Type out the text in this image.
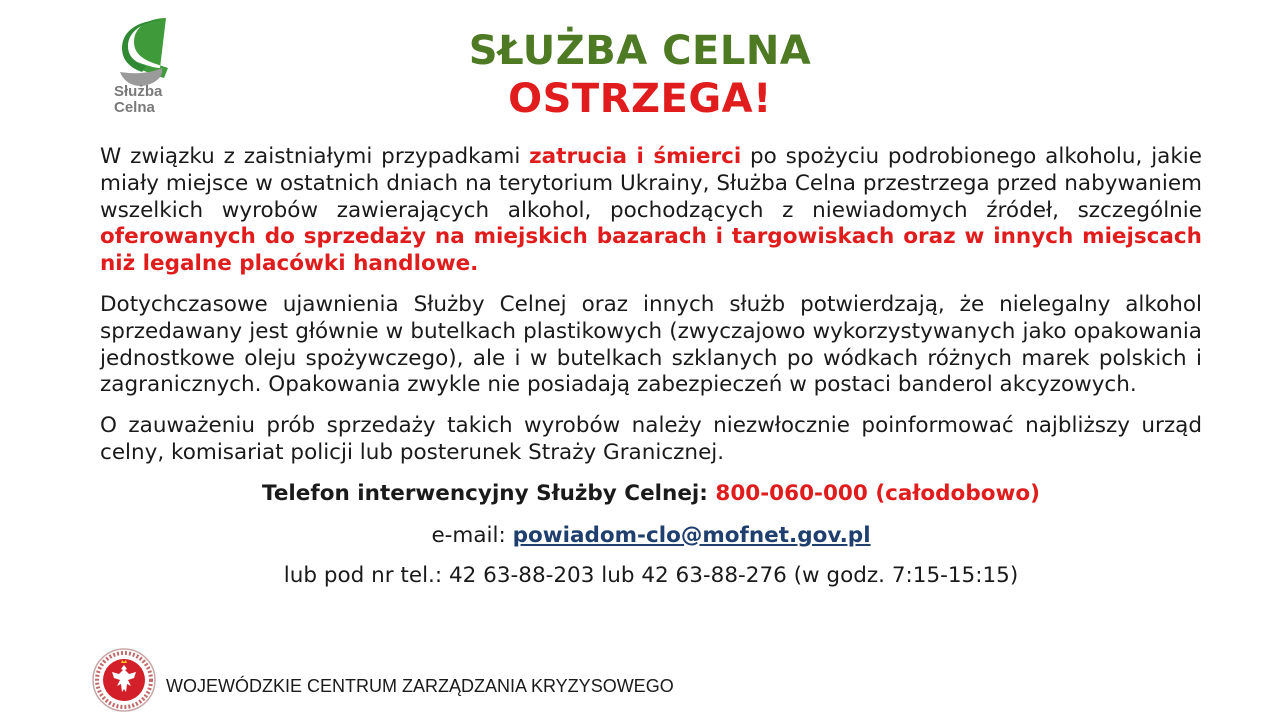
Służba
Celna
SŁUŻBA CELNA
OSTRZEGA!

W związku z zaistniałymi przypadkami zatrucia i śmierci po spożyciu podrobionego alkoholu, jakie miały miejsce w ostatnich dniach na terytorium Ukrainy, Służba Celna przestrzega przed nabywaniem wszelkich wyrobów zawierających alkohol, pochodzących z niewiadomych źródeł, szczególnie oferowanych do sprzedaży na miejskich bazarach i targowiskach oraz w innych miejscach niż legalne placówki handlowe.

Dotychczasowe ujawnienia Służby Celnej oraz innych służb potwierdzają, że nielegalny alkohol sprzedawany jest głównie w butelkach plastikowych (zwyczajowo wykorzystywanych jako opakowania jednostkowe oleju spożywczego), ale i w butelkach szklanych po wódkach różnych marek polskich i zagranicznych. Opakowania zwykle nie posiadają zabezpieczeń w postaci banderol akcyzowych.

O zauważeniu prób sprzedaży takich wyrobów należy niezwłocznie poinformować najbliższy urząd celny, komisariat policji lub posterunek Straży Granicznej.

Telefon interwencyjny Służby Celnej: 800-060-000 (całodobowo)

e-mail: powiadom-clo@mofnet.gov.pl

lub pod nr tel.: 42 63-88-203 lub 42 63-88-276 (w godz. 7:15-15:15)

WOJEWÓDZKIE CENTRUM ZARZĄDZANIA KRYZYSOWEGO
